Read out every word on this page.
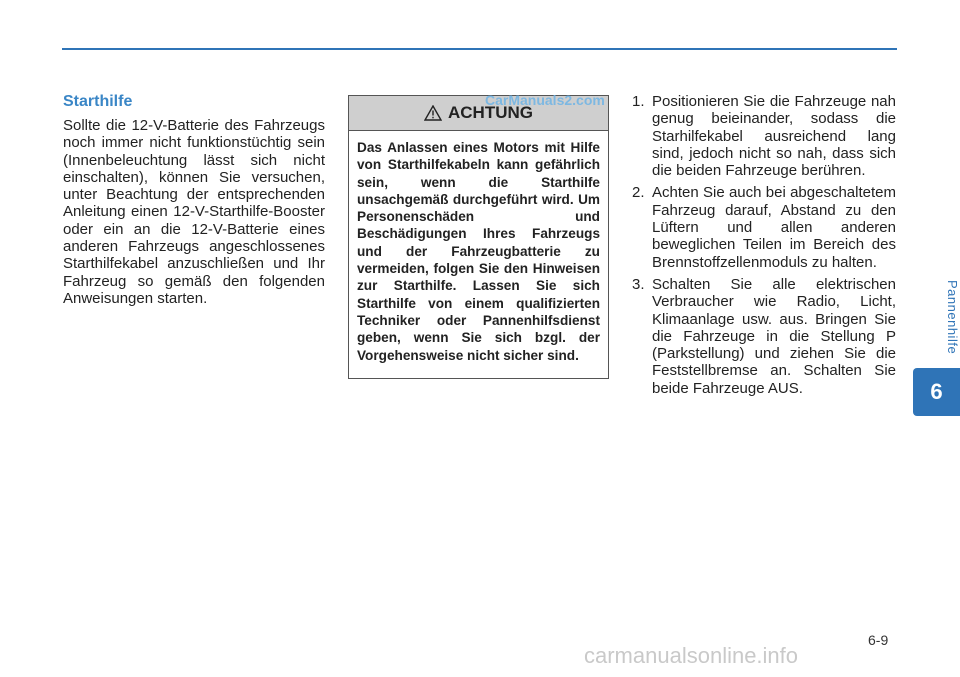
Pannenhilfe
6
Starthilfe

Sollte die 12-V-Batterie des Fahrzeugs noch immer nicht funktionstüchtig sein (Innenbeleuchtung lässt sich nicht einschalten), können Sie versuchen, unter Beachtung der entsprechenden Anleitung einen 12-V-Starthilfe-Booster oder ein an die 12-V-Batterie eines anderen Fahrzeugs angeschlossenes Starthilfekabel anzuschließen und Ihr Fahrzeug so gemäß den folgenden Anweisungen starten.

ACHTUNG
Das Anlassen eines Motors mit Hilfe von Starthilfekabeln kann gefährlich sein, wenn die Starthilfe unsachgemäß durchgeführt wird. Um Personenschäden und Beschädigungen Ihres Fahrzeugs und der Fahrzeugbatterie zu vermeiden, folgen Sie den Hinweisen zur Starthilfe. Lassen Sie sich Starthilfe von einem qualifizierten Techniker oder Pannenhilfsdienst geben, wenn Sie sich bzgl. der Vorgehensweise nicht sicher sind.
CarManuals2.com 1. Positionieren Sie die Fahrzeuge nah genug beieinander, sodass die Starhilfekabel ausreichend lang sind, jedoch nicht so nah, dass sich die beiden Fahrzeuge berühren.
2. Achten Sie auch bei abgeschaltetem Fahrzeug darauf, Abstand zu den Lüftern und allen anderen beweglichen Teilen im Bereich des Brennstoffzellenmoduls zu halten.
3. Schalten Sie alle elektrischen Verbraucher wie Radio, Licht, Klimaanlage usw. aus. Bringen Sie die Fahrzeuge in die Stellung P (Parkstellung) und ziehen Sie die Feststellbremse an. Schalten Sie beide Fahrzeuge AUS.
6-9
carmanualsonline.info
